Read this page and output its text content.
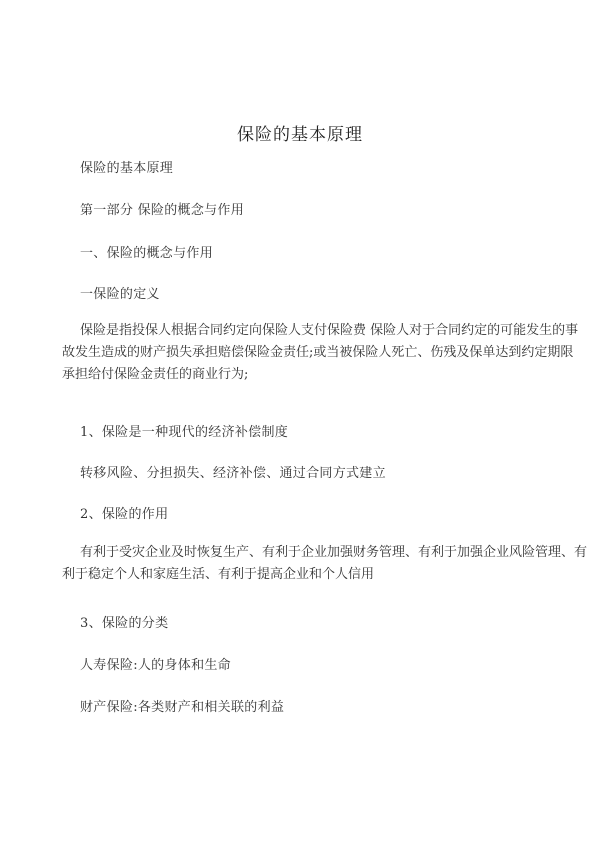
保险的基本原理
保险的基本原理
第一部分 保险的概念与作用
一、保险的概念与作用
一保险的定义
保险是指投保人根据合同约定向保险人支付保险费 保险人对于合同约定的可能发生的事
故发生造成的财产损失承担赔偿保险金责任;或当被保险人死亡、伤残及保单达到约定期限
承担给付保险金责任的商业行为;
1、保险是一种现代的经济补偿制度
转移风险、分担损失、经济补偿、通过合同方式建立
2、保险的作用
有利于受灾企业及时恢复生产、有利于企业加强财务管理、有利于加强企业风险管理、有
利于稳定个人和家庭生活、有利于提高企业和个人信用
3、保险的分类
人寿保险:人的身体和生命
财产保险:各类财产和相关联的利益
